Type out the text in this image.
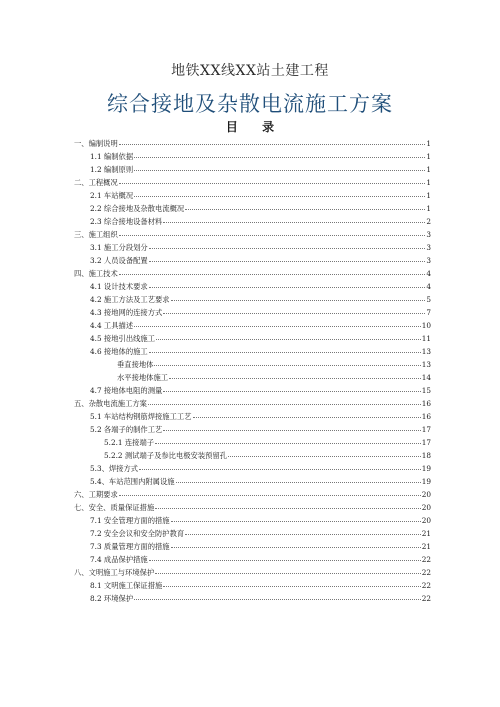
地铁XX线XX站土建工程
综合接地及杂散电流施工方案
目 录
一、编制说明	1
1.1 编制依据	1
1.2 编制原则	1
二、工程概况	1
2.1 车站概况	1
2.2 综合接地及杂散电流概况	1
2.3 综合接地设备材料	2
三、施工组织	3
3.1 施工分段划分	3
3.2 人员设备配置	3
四、施工技术	4
4.1 设计技术要求	4
4.2 施工方法及工艺要求	5
4.3 接地网的连接方式	7
4.4 工具描述	10
4.5 接地引出线施工	11
4.6 接地体的施工	13
垂直接地体	13
水平接地体施工	14
4.7 接地体电阻的测量	15
五、杂散电流施工方案	16
5.1 车站结构钢筋焊接施工工艺	16
5.2 各端子的制作工艺	17
5.2.1 连接端子	17
5.2.2 测试端子及参比电极安装预留孔	18
5.3、焊接方式	19
5.4、车站范围内附属设施	19
六、工期要求	20
七、安全、质量保证措施	20
7.1 安全管理方面的措施	20
7.2 安全会议和安全防护教育	21
7.3 质量管理方面的措施	21
7.4 成品保护措施	22
八、文明施工与环境保护	22
8.1 文明施工保证措施	22
8.2 环境保护	22
